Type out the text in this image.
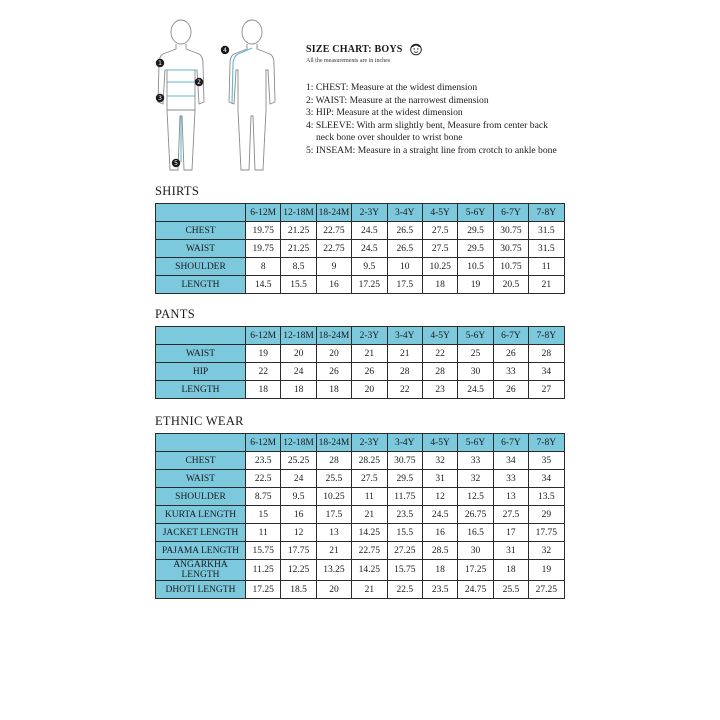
1
2
3
4
5
SIZE CHART: BOYS
All the measurements are in inches
1: CHEST: Measure at the widest dimension
2: WAIST: Measure at the narrowest dimension
3: HIP: Measure at the widest dimension
4: SLEEVE: With arm slightly bent, Measure from center back
neck bone over shoulder to wrist bone
5: INSEAM: Measure in a straight line from crotch to ankle bone
SHIRTS
	6-12M	12-18M	18-24M	2-3Y	3-4Y	4-5Y	5-6Y	6-7Y	7-8Y
CHEST	19.75	21.25	22.75	24.5	26.5	27.5	29.5	30.75	31.5
WAIST	19.75	21.25	22.75	24.5	26.5	27.5	29.5	30.75	31.5
SHOULDER	8	8.5	9	9.5	10	10.25	10.5	10.75	11
LENGTH	14.5	15.5	16	17.25	17.5	18	19	20.5	21
PANTS
	6-12M	12-18M	18-24M	2-3Y	3-4Y	4-5Y	5-6Y	6-7Y	7-8Y
WAIST	19	20	20	21	21	22	25	26	28
HIP	22	24	26	26	28	28	30	33	34
LENGTH	18	18	18	20	22	23	24.5	26	27
ETHNIC WEAR
	6-12M	12-18M	18-24M	2-3Y	3-4Y	4-5Y	5-6Y	6-7Y	7-8Y
CHEST	23.5	25.25	28	28.25	30.75	32	33	34	35
WAIST	22.5	24	25.5	27.5	29.5	31	32	33	34
SHOULDER	8.75	9.5	10.25	11	11.75	12	12.5	13	13.5
KURTA LENGTH	15	16	17.5	21	23.5	24.5	26.75	27.5	29
JACKET LENGTH	11	12	13	14.25	15.5	16	16.5	17	17.75
PAJAMA LENGTH	15.75	17.75	21	22.75	27.25	28.5	30	31	32
ANGARKHA LENGTH	11.25	12.25	13.25	14.25	15.75	18	17.25	18	19
DHOTI LENGTH	17.25	18.5	20	21	22.5	23.5	24.75	25.5	27.25
